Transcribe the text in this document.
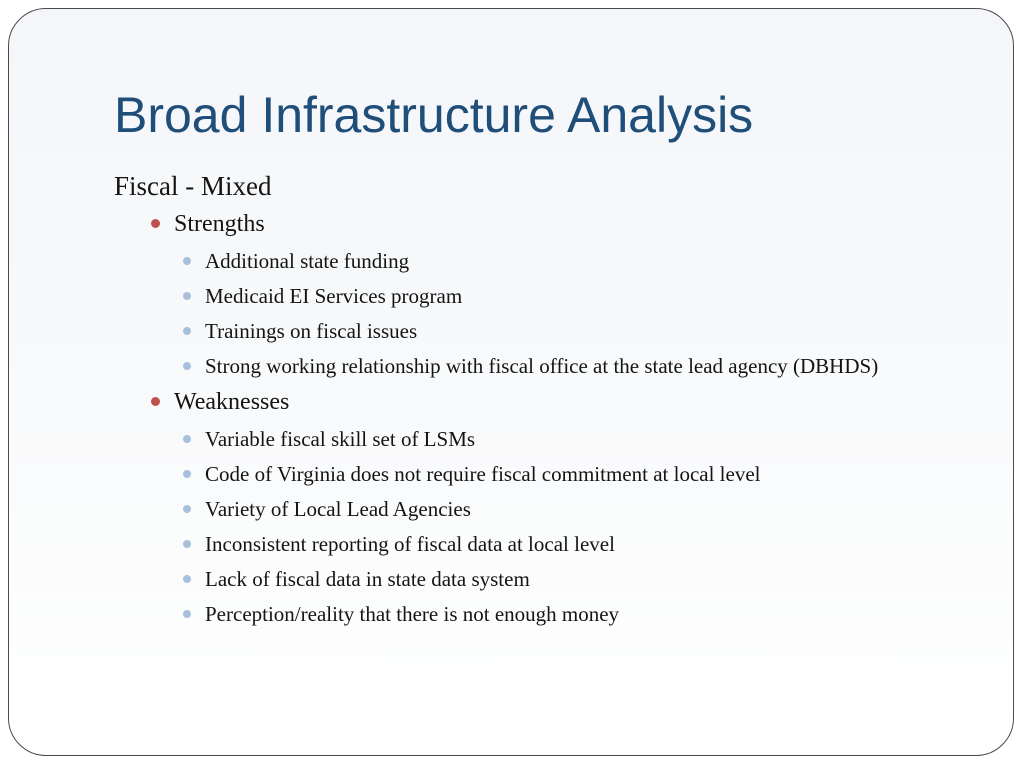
Broad Infrastructure Analysis
Fiscal - Mixed
Strengths
Additional state funding
Medicaid EI Services program
Trainings on fiscal issues
Strong working relationship with fiscal office at the state lead agency (DBHDS)
Weaknesses
Variable fiscal skill set of LSMs
Code of Virginia does not require fiscal commitment at local level
Variety of Local Lead Agencies
Inconsistent reporting of fiscal data at local level
Lack of fiscal data in state data system
Perception/reality that there is not enough money
